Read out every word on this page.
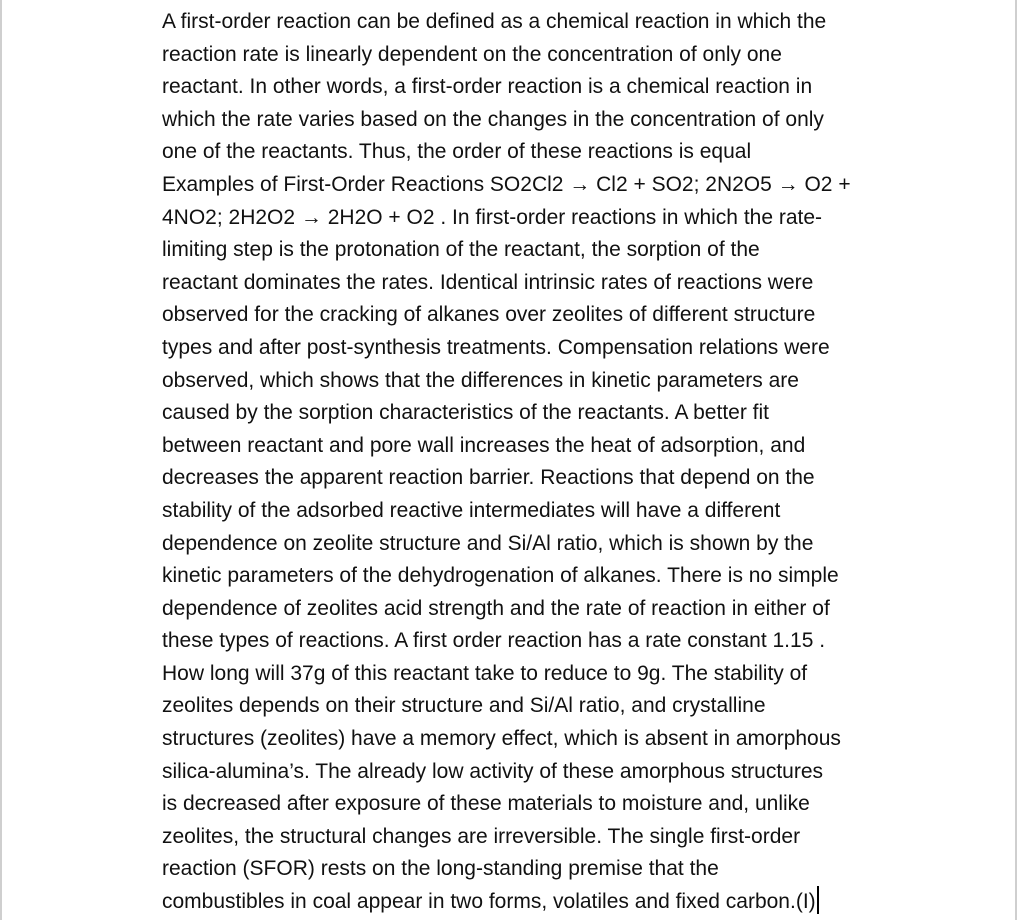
A first-order reaction can be defined as a chemical reaction in which the
reaction rate is linearly dependent on the concentration of only one
reactant. In other words, a first-order reaction is a chemical reaction in
which the rate varies based on the changes in the concentration of only
one of the reactants. Thus, the order of these reactions is equal
Examples of First-Order Reactions SO2Cl2 → Cl2 + SO2; 2N2O5 → O2 +
4NO2; 2H2O2 → 2H2O + O2 . In first-order reactions in which the rate-
limiting step is the protonation of the reactant, the sorption of the
reactant dominates the rates. Identical intrinsic rates of reactions were
observed for the cracking of alkanes over zeolites of different structure
types and after post-synthesis treatments. Compensation relations were
observed, which shows that the differences in kinetic parameters are
caused by the sorption characteristics of the reactants. A better fit
between reactant and pore wall increases the heat of adsorption, and
decreases the apparent reaction barrier. Reactions that depend on the
stability of the adsorbed reactive intermediates will have a different
dependence on zeolite structure and Si/Al ratio, which is shown by the
kinetic parameters of the dehydrogenation of alkanes. There is no simple
dependence of zeolites acid strength and the rate of reaction in either of
these types of reactions. A first order reaction has a rate constant 1.15 .
How long will 37g of this reactant take to reduce to 9g. The stability of
zeolites depends on their structure and Si/Al ratio, and crystalline
structures (zeolites) have a memory effect, which is absent in amorphous
silica-alumina’s. The already low activity of these amorphous structures
is decreased after exposure of these materials to moisture and, unlike
zeolites, the structural changes are irreversible. The single first-order
reaction (SFOR) rests on the long-standing premise that the
combustibles in coal appear in two forms, volatiles and fixed carbon.(I)
